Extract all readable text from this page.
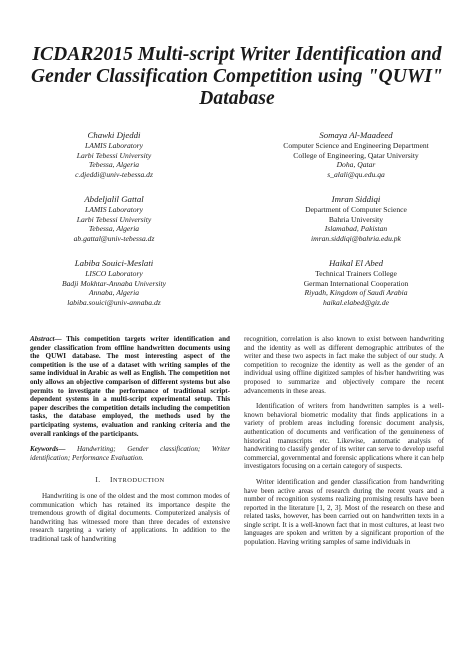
ICDAR2015 Multi-script Writer Identification and Gender Classification Competition using "QUWI" Database
Chawki Djeddi
LAMIS Laboratory
Larbi Tebessi University
Tebessa, Algeria
c.djeddi@univ-tebessa.dz
Somaya Al-Maadeed
Computer Science and Engineering Department
College of Engineering, Qatar University
Doha, Qatar
s_alali@qu.edu.qa
Abdeljalil Gattal
LAMIS Laboratory
Larbi Tebessi University
Tebessa, Algeria
ab.gattal@univ-tebessa.dz
Imran Siddiqi
Department of Computer Science
Bahria University
Islamabad, Pakistan
imran.siddiqi@bahria.edu.pk
Labiba Souici-Meslati
LISCO Laboratory
Badji Mokhtar-Annaba University
Annaba, Algeria
labiba.souici@univ-annaba.dz
Haikal El Abed
Technical Trainers College
German International Cooperation
Riyadh, Kingdom of Saudi Arabia
haikal.elabed@giz.de
Abstract— This competition targets writer identification and gender classification from offline handwritten documents using the QUWI database. The most interesting aspect of the competition is the use of a dataset with writing samples of the same individual in Arabic as well as English. The competition not only allows an objective comparison of different systems but also permits to investigate the performance of traditional script-dependent systems in a multi-script experimental setup. This paper describes the competition details including the competition tasks, the database employed, the methods used by the participating systems, evaluation and ranking criteria and the overall rankings of the participants.
Keywords— Handwriting; Gender classification; Writer identification; Performance Evaluation.
I. INTRODUCTION

Handwriting is one of the oldest and the most common modes of communication which has retained its importance despite the tremendous growth of digital documents. Computerized analysis of handwriting has witnessed more than three decades of extensive research targeting a variety of applications. In addition to the traditional task of handwriting

recognition, correlation is also known to exist between handwriting and the identity as well as different demographic attributes of the writer and these two aspects in fact make the subject of our study. A competition to recognize the identity as well as the gender of an individual using offline digitized samples of his/her handwriting was proposed to summarize and objectively compare the recent advancements in these areas.

Identification of writers from handwritten samples is a well-known behavioral biometric modality that finds applications in a variety of problem areas including forensic document analysis, authentication of documents and verification of the genuineness of historical manuscripts etc. Likewise, automatic analysis of handwriting to classify gender of its writer can serve to develop useful commercial, governmental and forensic applications where it can help investigators focusing on a certain category of suspects.

Writer identification and gender classification from handwriting have been active areas of research during the recent years and a number of recognition systems realizing promising results have been reported in the literature [1, 2, 3]. Most of the research on these and related tasks, however, has been carried out on handwritten texts in a single script. It is a well-known fact that in most cultures, at least two languages are spoken and written by a significant proportion of the population. Having writing samples of same individuals in
